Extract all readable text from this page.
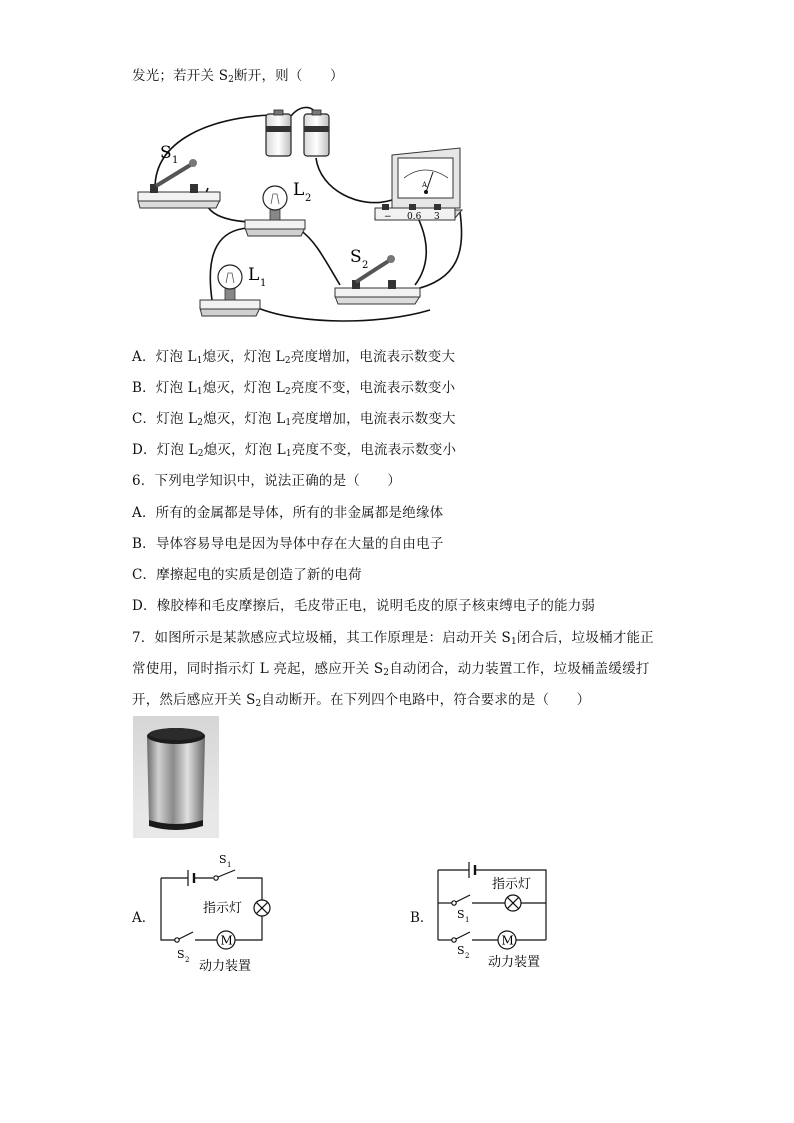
发光；若开关 $S_2$断开，则（　　）
S 1
L 2
A
− 0.6 3
L 1
S 2
A．灯泡 $L_1$熄灭，灯泡 $L_2$亮度增加，电流表示数变大
B．灯泡 $L_1$熄灭，灯泡 $L_2$亮度不变，电流表示数变小
C．灯泡 $L_2$熄灭，灯泡 $L_1$亮度增加，电流表示数变大
D．灯泡 $L_2$熄灭，灯泡 $L_1$亮度不变，电流表示数变小
6．下列电学知识中，说法正确的是（　　）
A．所有的金属都是导体，所有的非金属都是绝缘体
B．导体容易导电是因为导体中存在大量的自由电子
C．摩擦起电的实质是创造了新的电荷
D．橡胶棒和毛皮摩擦后，毛皮带正电，说明毛皮的原子核束缚电子的能力弱
7．如图所示是某款感应式垃圾桶，其工作原理是：启动开关 $S_1$闭合后，垃圾桶才能正
常使用，同时指示灯 L 亮起，感应开关 $S_2$自动闭合，动力装置工作，垃圾桶盖缓缓打
开，然后感应开关 $S_2$自动断开。在下列四个电路中，符合要求的是（　　）
A．
S 1
指示灯
M
S 2 动力装置
B．
指示灯
S 1
M
S 2 动力装置
